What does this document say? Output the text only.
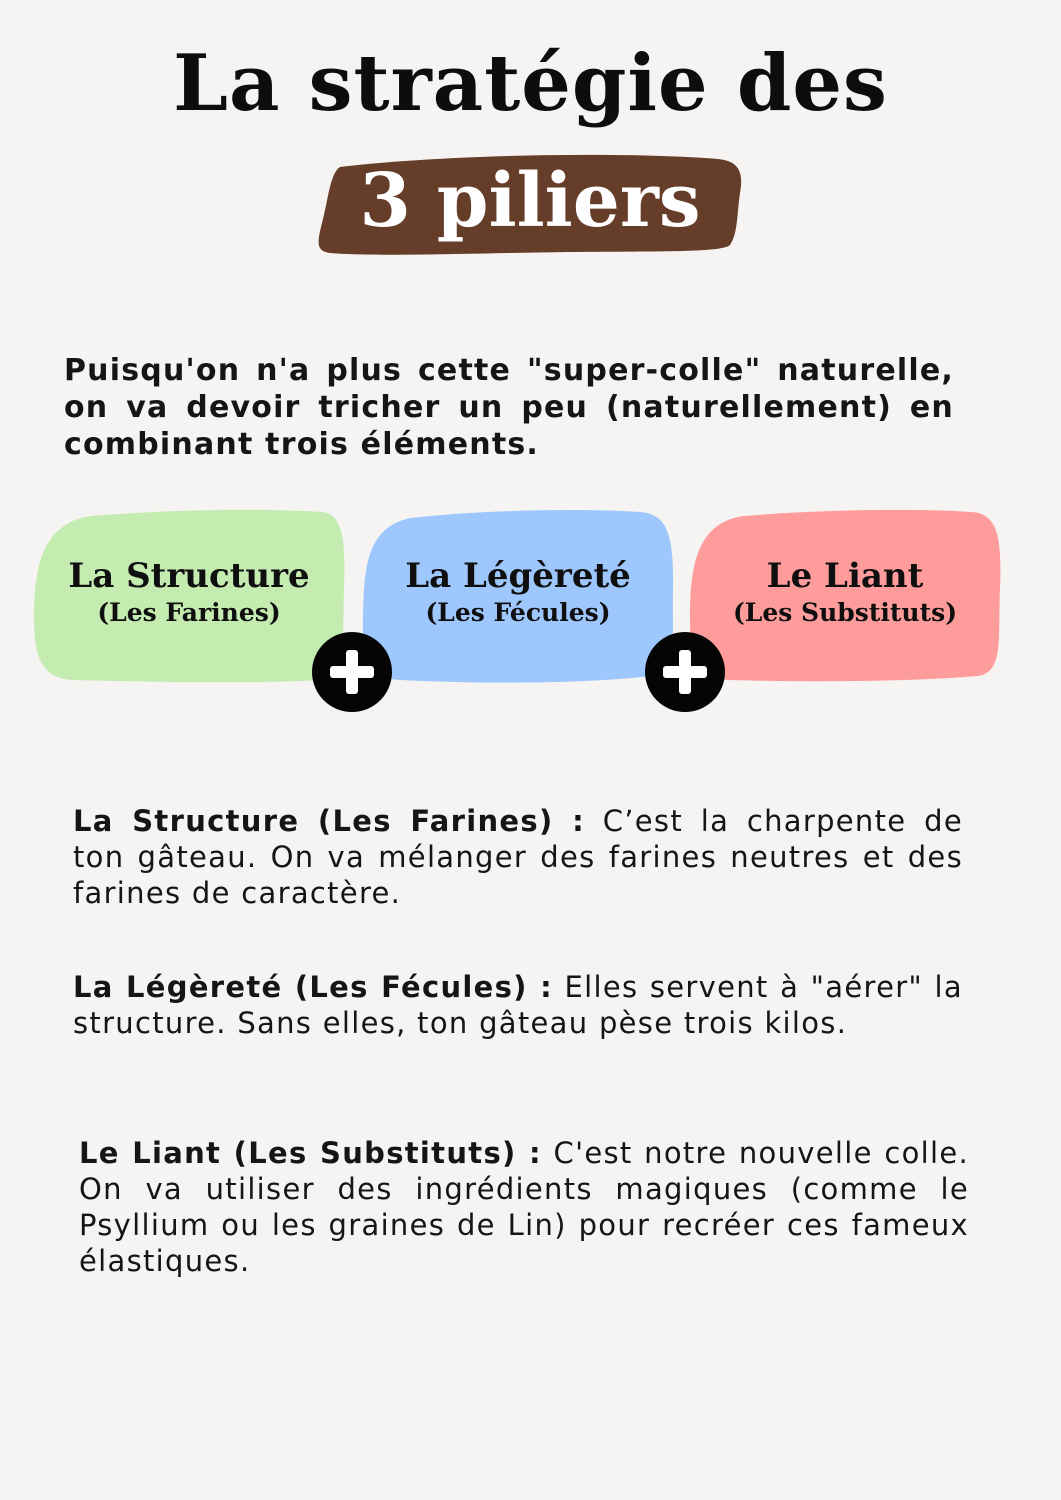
La stratégie des
3 piliers
Puisqu'on n'a plus cette "super-colle" naturelle, on va devoir tricher un peu (naturellement) en combinant trois éléments.
La Structure
(Les Farines)
La Légèreté
(Les Fécules)
Le Liant
(Les Substituts)
La Structure (Les Farines) : C’est la charpente de ton gâteau. On va mélanger des farines neutres et des farines de caractère.
La Légèreté (Les Fécules) : Elles servent à "aérer" la structure. Sans elles, ton gâteau pèse trois kilos.
Le Liant (Les Substituts) : C'est notre nouvelle colle. On va utiliser des ingrédients magiques (comme le Psyllium ou les graines de Lin) pour recréer ces fameux élastiques.
